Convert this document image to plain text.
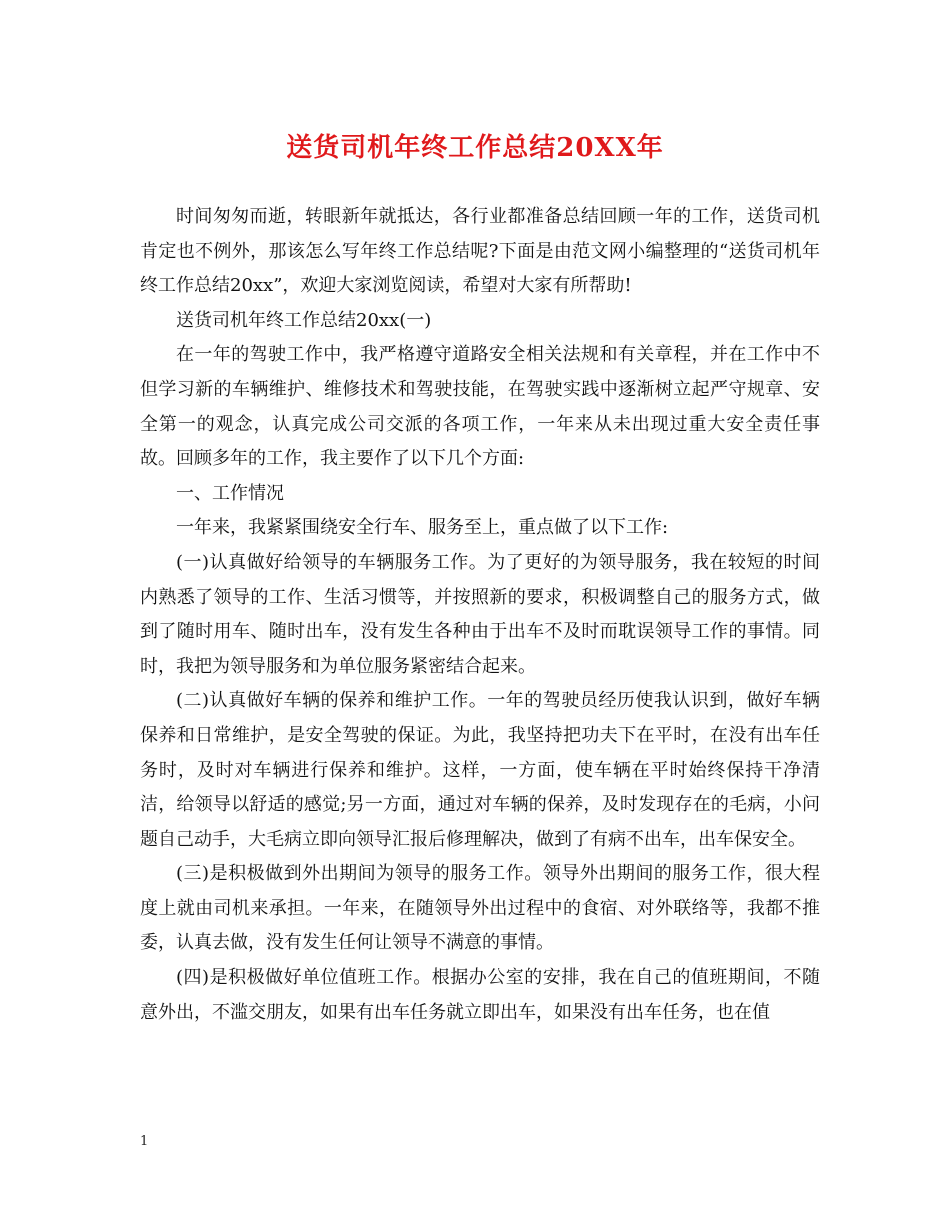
送货司机年终工作总结20XX年

时间匆匆而逝，转眼新年就抵达，各行业都准备总结回顾一年的工作，送货司机肯定也不例外，那该怎么写年终工作总结呢?下面是由范文网小编整理的“送货司机年终工作总结20xx”，欢迎大家浏览阅读，希望对大家有所帮助!

送货司机年终工作总结20xx(一)

在一年的驾驶工作中，我严格遵守道路安全相关法规和有关章程，并在工作中不但学习新的车辆维护、维修技术和驾驶技能，在驾驶实践中逐渐树立起严守规章、安全第一的观念，认真完成公司交派的各项工作，一年来从未出现过重大安全责任事故。回顾多年的工作，我主要作了以下几个方面:

一、工作情况

一年来，我紧紧围绕安全行车、服务至上，重点做了以下工作:

(一)认真做好给领导的车辆服务工作。为了更好的为领导服务，我在较短的时间内熟悉了领导的工作、生活习惯等，并按照新的要求，积极调整自己的服务方式，做到了随时用车、随时出车，没有发生各种由于出车不及时而耽误领导工作的事情。同时，我把为领导服务和为单位服务紧密结合起来。

(二)认真做好车辆的保养和维护工作。一年的驾驶员经历使我认识到，做好车辆保养和日常维护，是安全驾驶的保证。为此，我坚持把功夫下在平时，在没有出车任务时，及时对车辆进行保养和维护。这样，一方面，使车辆在平时始终保持干净清洁，给领导以舒适的感觉;另一方面，通过对车辆的保养，及时发现存在的毛病，小问题自己动手，大毛病立即向领导汇报后修理解决，做到了有病不出车，出车保安全。

(三)是积极做到外出期间为领导的服务工作。领导外出期间的服务工作，很大程度上就由司机来承担。一年来，在随领导外出过程中的食宿、对外联络等，我都不推委，认真去做，没有发生任何让领导不满意的事情。

(四)是积极做好单位值班工作。根据办公室的安排，我在自己的值班期间，不随意外出，不滥交朋友，如果有出车任务就立即出车，如果没有出车任务，也在值

1
